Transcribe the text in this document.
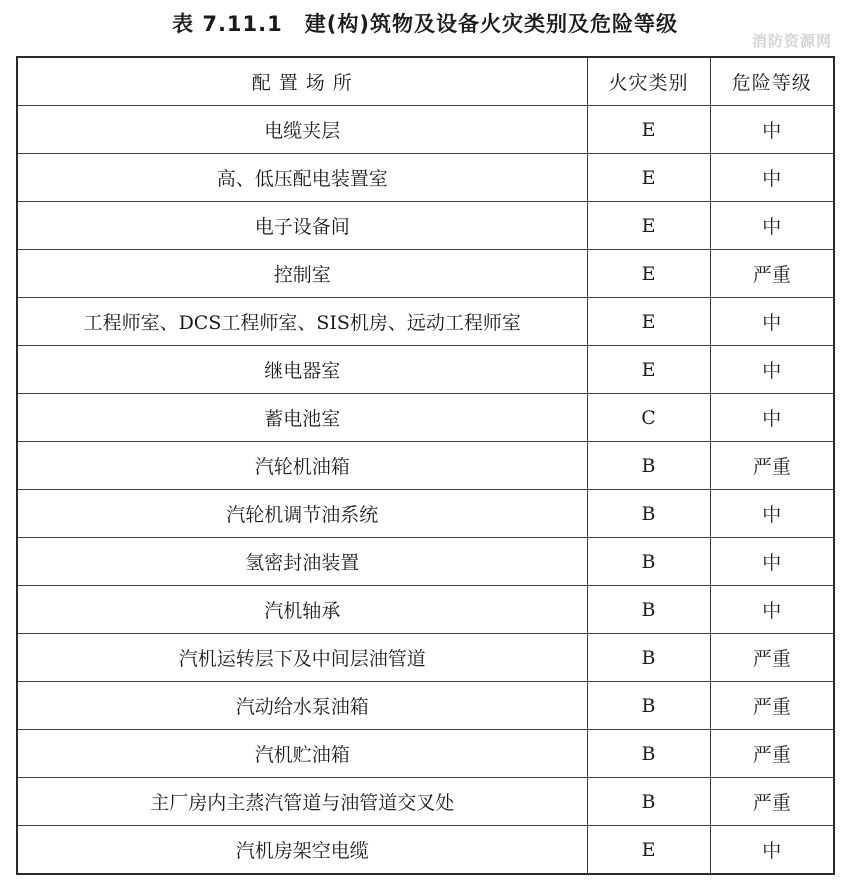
表 7.11.1　建(构)筑物及设备火灾类别及危险等级
消防资源网
配 置 场 所	火灾类别	危险等级
电缆夹层	E	中
高、低压配电装置室	E	中
电子设备间	E	中
控制室	E	严重
工程师室、DCS工程师室、SIS机房、远动工程师室	E	中
继电器室	E	中
蓄电池室	C	中
汽轮机油箱	B	严重
汽轮机调节油系统	B	中
氢密封油装置	B	中
汽机轴承	B	中
汽机运转层下及中间层油管道	B	严重
汽动给水泵油箱	B	严重
汽机贮油箱	B	严重
主厂房内主蒸汽管道与油管道交叉处	B	严重
汽机房架空电缆	E	中
